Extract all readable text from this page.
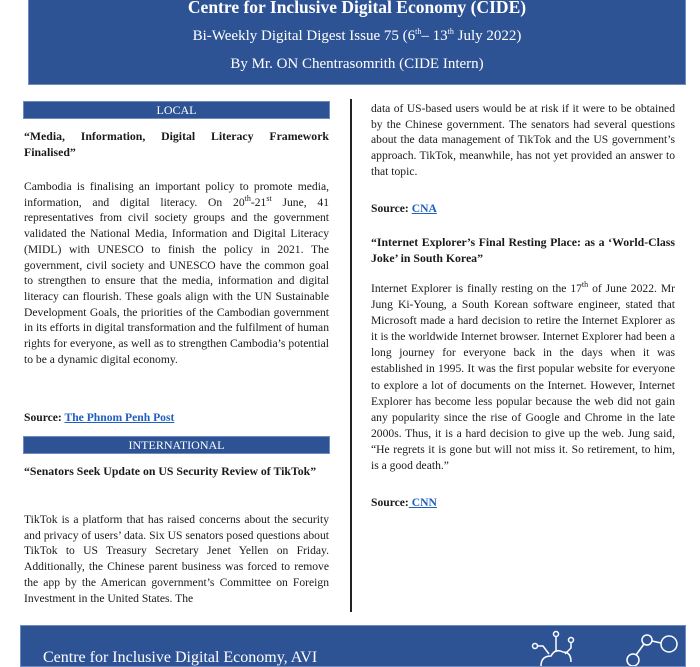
Centre for Inclusive Digital Economy (CIDE)
Bi-Weekly Digital Digest Issue 75 (6th– 13th July 2022)
By Mr. ON Chentrasomrith (CIDE Intern)
LOCAL
“Media, Information, Digital Literacy Framework Finalised”
Cambodia is finalising an important policy to promote media, information, and digital literacy. On 20th-21st June, 41 representatives from civil society groups and the government validated the National Media, Information and Digital Literacy (MIDL) with UNESCO to finish the policy in 2021. The government, civil society and UNESCO have the common goal to strengthen to ensure that the media, information and digital literacy can flourish. These goals align with the UN Sustainable Development Goals, the priorities of the Cambodian government in its efforts in digital transformation and the fulfilment of human rights for everyone, as well as to strengthen Cambodia’s potential to be a dynamic digital economy.
Source: The Phnom Penh Post
INTERNATIONAL
“Senators Seek Update on US Security Review of TikTok”
TikTok is a platform that has raised concerns about the security and privacy of users’ data. Six US senators posed questions about TikTok to US Treasury Secretary Jenet Yellen on Friday. Additionally, the Chinese parent business was forced to remove the app by the American government’s Committee on Foreign Investment in the United States. The
data of US-based users would be at risk if it were to be obtained by the Chinese government. The senators had several questions about the data management of TikTok and the US government’s approach. TikTok, meanwhile, has not yet provided an answer to that topic.
Source: CNA
“Internet Explorer’s Final Resting Place: as a ‘World-Class Joke’ in South Korea”
Internet Explorer is finally resting on the 17th of June 2022. Mr Jung Ki-Young, a South Korean software engineer, stated that Microsoft made a hard decision to retire the Internet Explorer as it is the worldwide Internet browser. Internet Explorer had been a long journey for everyone back in the days when it was established in 1995. It was the first popular website for everyone to explore a lot of documents on the Internet. However, Internet Explorer has become less popular because the web did not gain any popularity since the rise of Google and Chrome in the late 2000s. Thus, it is a hard decision to give up the web. Jung said, “He regrets it is gone but will not miss it. So retirement, to him, is a good death.”
Source: CNN
Centre for Inclusive Digital Economy, AVI
